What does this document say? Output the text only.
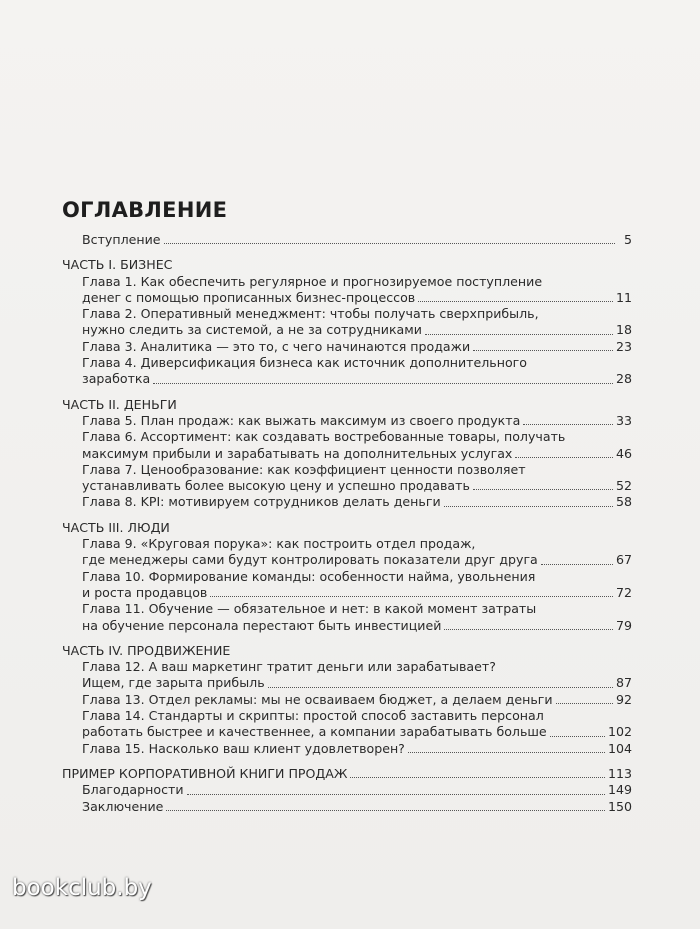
ОГЛАВЛЕНИЕ
Вступление	5
ЧАСТЬ I. БИЗНЕС
Глава 1. Как обеспечить регулярное и прогнозируемое поступление
денег с помощью прописанных бизнес-процессов	11
Глава 2. Оперативный менеджмент: чтобы получать сверхприбыль,
нужно следить за системой, а не за сотрудниками	18
Глава 3. Аналитика — это то, с чего начинаются продажи	23
Глава 4. Диверсификация бизнеса как источник дополнительного
заработка	28
ЧАСТЬ II. ДЕНЬГИ
Глава 5. План продаж: как выжать максимум из своего продукта	33
Глава 6. Ассортимент: как создавать востребованные товары, получать
максимум прибыли и зарабатывать на дополнительных услугах	46
Глава 7. Ценообразование: как коэффициент ценности позволяет
устанавливать более высокую цену и успешно продавать	52
Глава 8. KPI: мотивируем сотрудников делать деньги	58
ЧАСТЬ III. ЛЮДИ
Глава 9. «Круговая порука»: как построить отдел продаж,
где менеджеры сами будут контролировать показатели друг друга	67
Глава 10. Формирование команды: особенности найма, увольнения
и роста продавцов	72
Глава 11. Обучение — обязательное и нет: в какой момент затраты
на обучение персонала перестают быть инвестицией	79
ЧАСТЬ IV. ПРОДВИЖЕНИЕ
Глава 12. А ваш маркетинг тратит деньги или зарабатывает?
Ищем, где зарыта прибыль	87
Глава 13. Отдел рекламы: мы не осваиваем бюджет, а делаем деньги	92
Глава 14. Стандарты и скрипты: простой способ заставить персонал
работать быстрее и качественнее, а компании зарабатывать больше	102
Глава 15. Насколько ваш клиент удовлетворен?	104
ПРИМЕР КОРПОРАТИВНОЙ КНИГИ ПРОДАЖ	113
Благодарности	149
Заключение	150
bookclub.by
